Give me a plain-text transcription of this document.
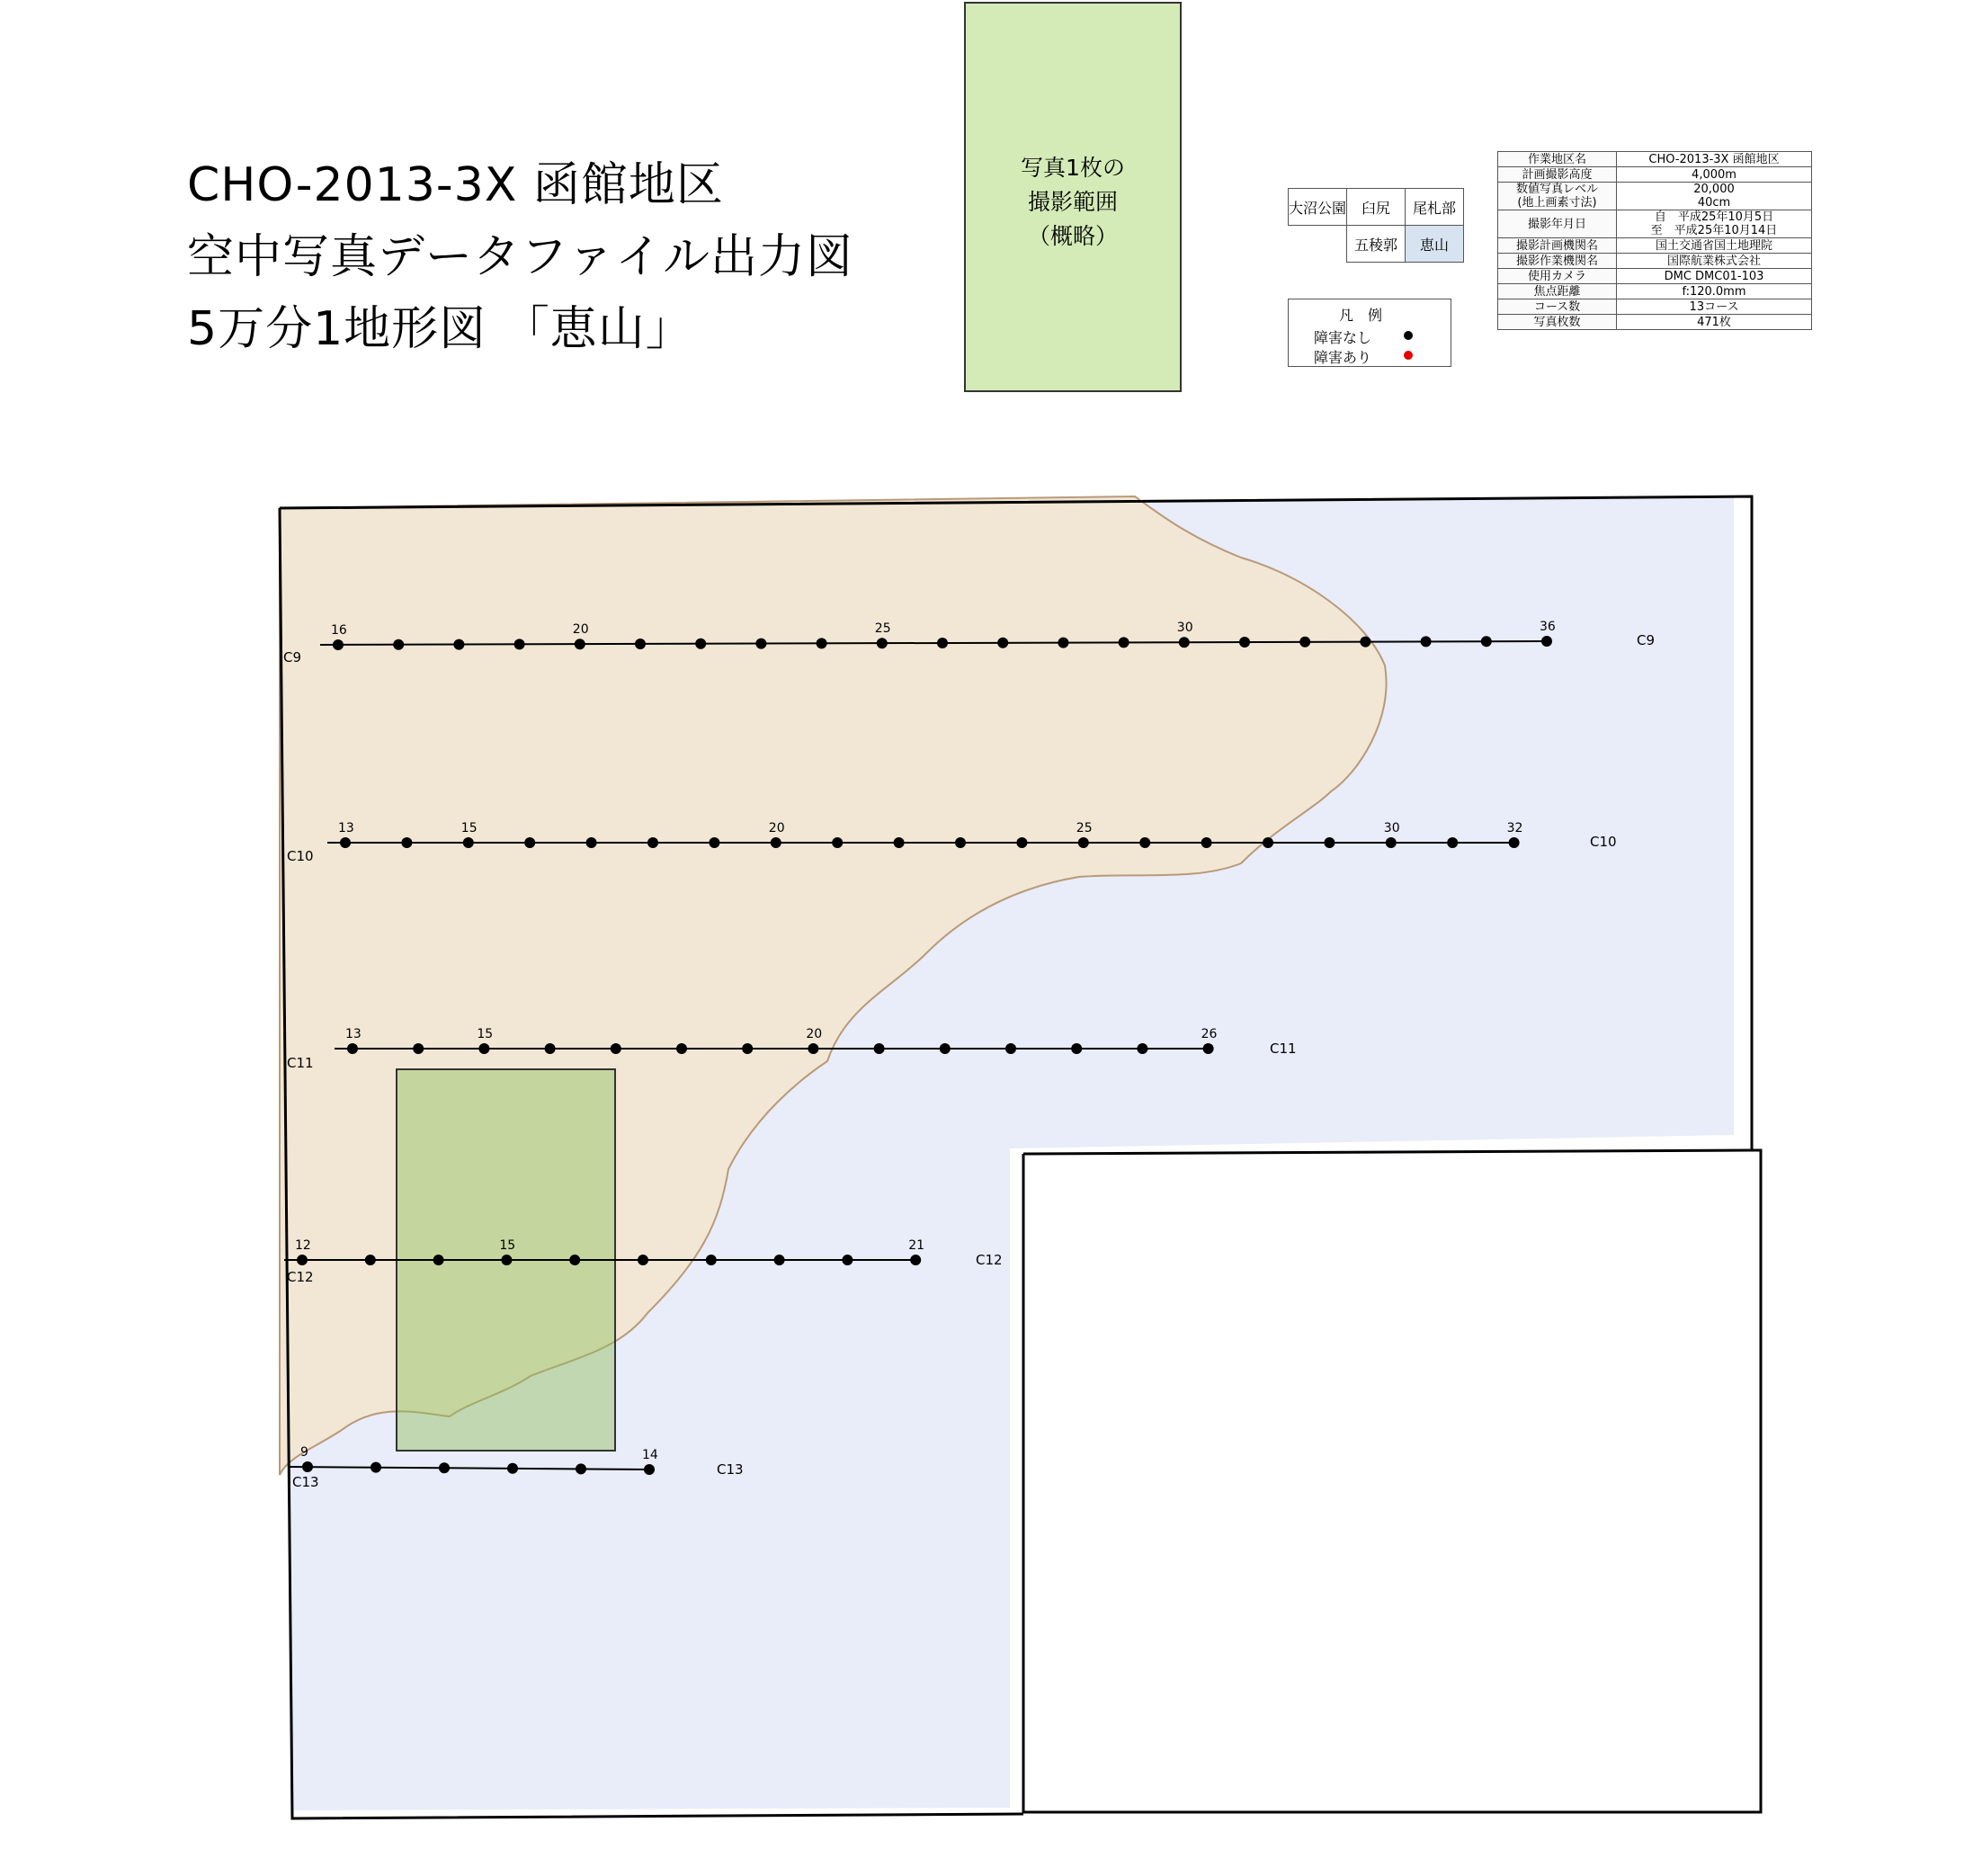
CHO-2013-3X 函館地区
空中写真データファイル出力図
5万分1地形図 「恵山」
写真1枚の
撮影範囲
（概略）
大沼公園	臼尻	尾札部
	五稜郭	恵山
凡　例
障害なし
障害あり
作業地区名	CHO-2013-3X 函館地区
計画撮影高度	4,000m
数値写真レベル
(地上画素寸法)	20,000
40cm
撮影年月日	自　平成25年10月5日
至　平成25年10月14日
撮影計画機関名	国土交通省国土地理院
撮影作業機関名	国際航業株式会社
使用カメラ	DMC DMC01-103
焦点距離	f:120.0mm
コース数	13コース
写真枚数	471枚
16	20	25	30	36
C9
C9
13	15	20	25	30	32
C10
C10
13	15	20	26
C11
C11
12	15	21
C12
C12
9	14
C13
C13
